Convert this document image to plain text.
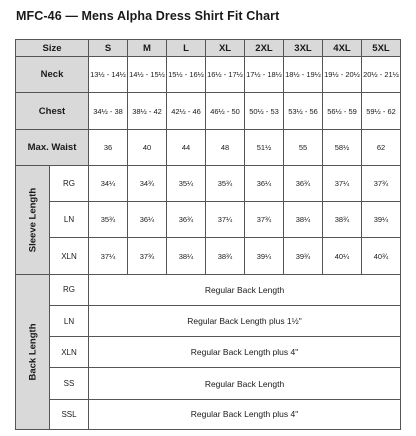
MFC-46 — Mens Alpha Dress Shirt Fit Chart
Size		S	M	L	XL	2XL	3XL	4XL	5XL
Neck		13½ - 14½	14½ - 15½	15½ - 16½	16½ - 17½	17½ - 18½	18½ - 19½	19½ - 20½	20½ - 21½
Chest		34½ - 38	38½ - 42	42½ - 46	46½ - 50	50½ - 53	53½ - 56	56½ - 59	59½ - 62
Max. Waist		36	40	44	48	51½	55	58½	62

Sleeve Length	RG	34¼	34¾	35¼	35¾	36¼	36¾	37¼	37¾
	LN	35¾	36¼	36¾	37¼	37¾	38¼	38¾	39¼
	XLN	37¼	37¾	38¼	38¾	39¼	39¾	40¼	40¾

Back Length	RG	Regular Back Length							
	LN	Regular Back Length plus 1½"							
	XLN	Regular Back Length plus 4"							
	SS	Regular Back Length							
	SSL	Regular Back Length plus 4"							
